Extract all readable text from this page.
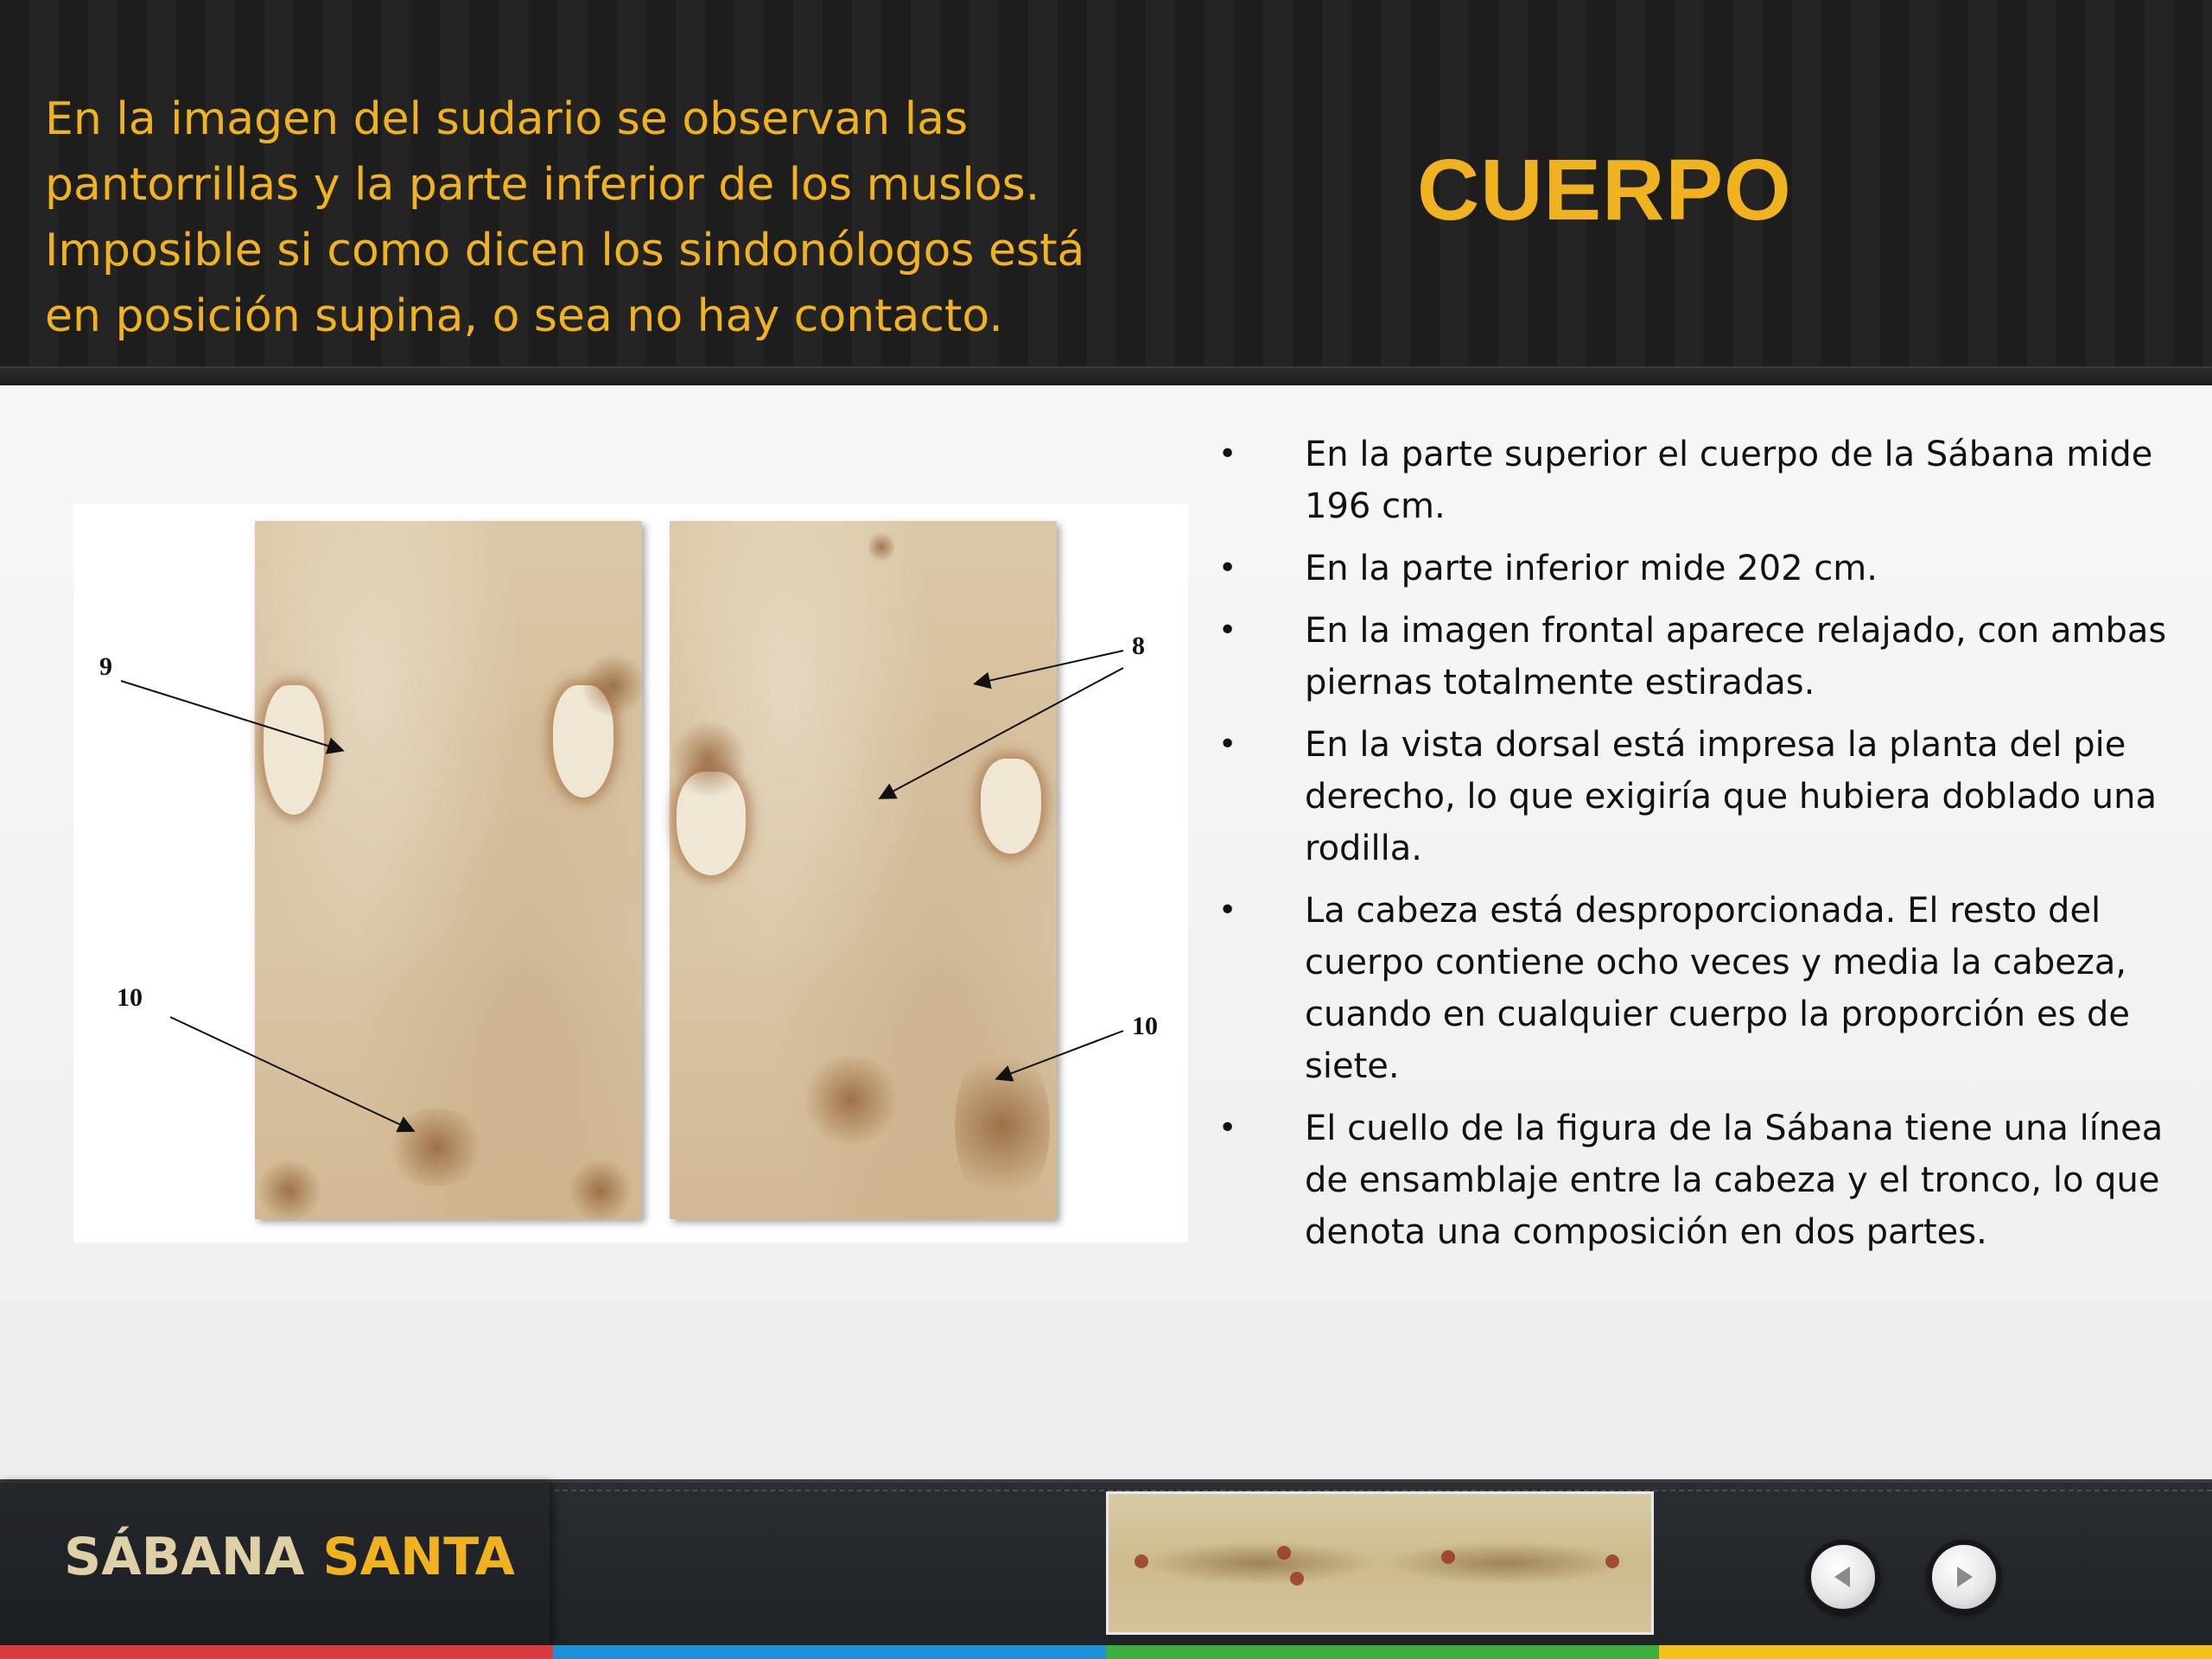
En la imagen del sudario se observan las
pantorrillas y la parte inferior de los muslos.
Imposible si como dicen los sindonólogos está
en posición supina, o sea no hay contacto.

CUERPO
9
10
8
10
• En la parte superior el cuerpo de la Sábana mide 196 cm.
• En la parte inferior mide 202 cm.
• En la imagen frontal aparece relajado, con ambas piernas totalmente estiradas.
• En la vista dorsal está impresa la planta del pie derecho, lo que exigiría que hubiera doblado una rodilla.
• La cabeza está desproporcionada. El resto del cuerpo contiene ocho veces y media la cabeza, cuando en cualquier cuerpo la proporción es de siete.
• El cuello de la figura de la Sábana tiene una línea de ensamblaje entre la cabeza y el tronco, lo que denota una composición en dos partes.

SÁBANA SANTA
